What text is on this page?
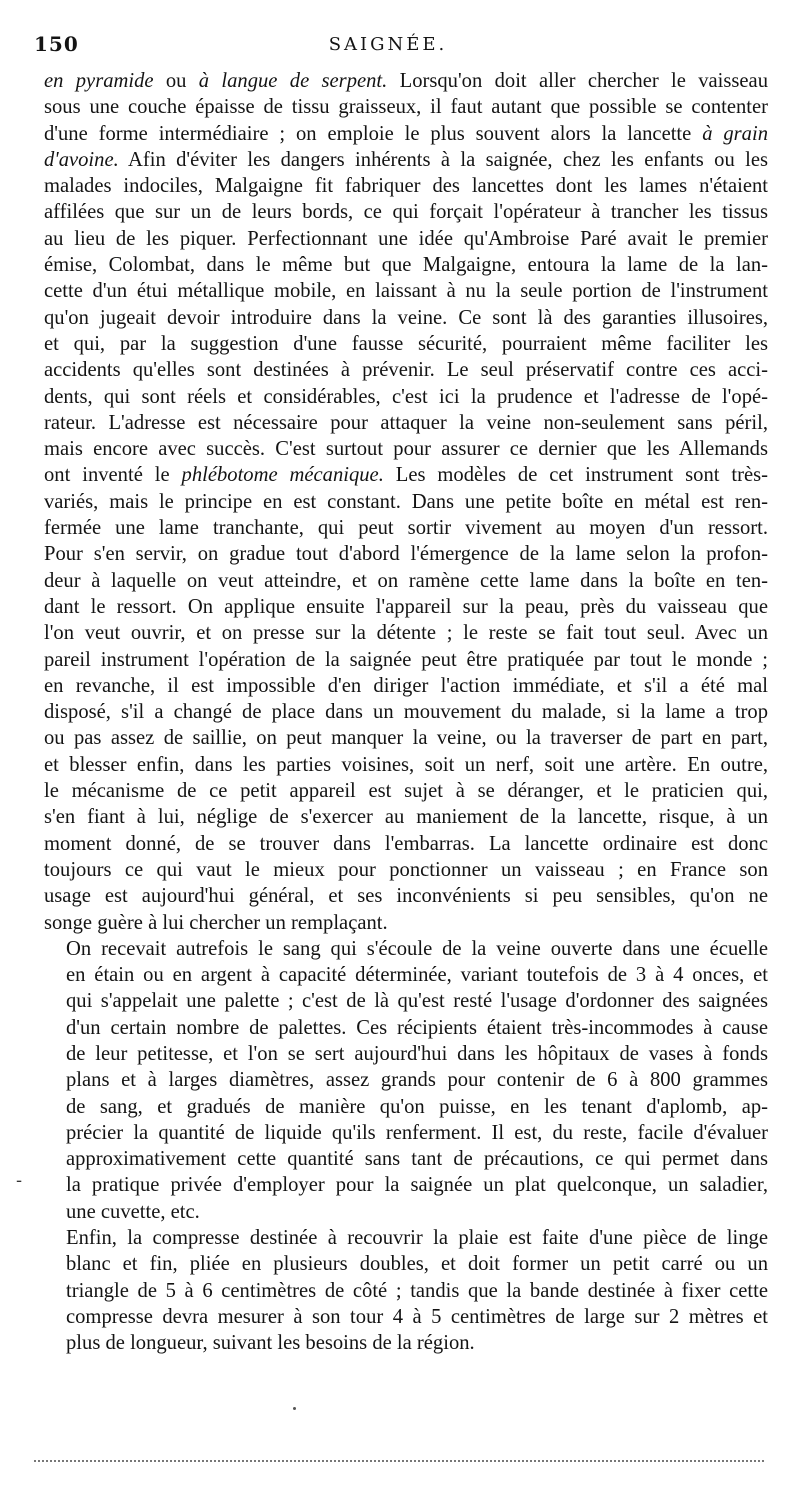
150	SAIGNÉE.

en pyramide ou à langue de serpent. Lorsqu'on doit aller chercher le vaisseau
sous une couche épaisse de tissu graisseux, il faut autant que possible se contenter
d'une forme intermédiaire ; on emploie le plus souvent alors la lancette à grain
d'avoine. Afin d'éviter les dangers inhérents à la saignée, chez les enfants ou les
malades indociles, Malgaigne fit fabriquer des lancettes dont les lames n'étaient
affilées que sur un de leurs bords, ce qui forçait l'opérateur à trancher les tissus
au lieu de les piquer. Perfectionnant une idée qu'Ambroise Paré avait le premier
émise, Colombat, dans le même but que Malgaigne, entoura la lame de la lan-
cette d'un étui métallique mobile, en laissant à nu la seule portion de l'instrument
qu'on jugeait devoir introduire dans la veine. Ce sont là des garanties illusoires,
et qui, par la suggestion d'une fausse sécurité, pourraient même faciliter les
accidents qu'elles sont destinées à prévenir. Le seul préservatif contre ces acci-
dents, qui sont réels et considérables, c'est ici la prudence et l'adresse de l'opé-
rateur. L'adresse est nécessaire pour attaquer la veine non-seulement sans péril,
mais encore avec succès. C'est surtout pour assurer ce dernier que les Allemands
ont inventé le phlébotome mécanique. Les modèles de cet instrument sont très-
variés, mais le principe en est constant. Dans une petite boîte en métal est ren-
fermée une lame tranchante, qui peut sortir vivement au moyen d'un ressort.
Pour s'en servir, on gradue tout d'abord l'émergence de la lame selon la profon-
deur à laquelle on veut atteindre, et on ramène cette lame dans la boîte en ten-
dant le ressort. On applique ensuite l'appareil sur la peau, près du vaisseau que
l'on veut ouvrir, et on presse sur la détente ; le reste se fait tout seul. Avec un
pareil instrument l'opération de la saignée peut être pratiquée par tout le monde ;
en revanche, il est impossible d'en diriger l'action immédiate, et s'il a été mal
disposé, s'il a changé de place dans un mouvement du malade, si la lame a trop
ou pas assez de saillie, on peut manquer la veine, ou la traverser de part en part,
et blesser enfin, dans les parties voisines, soit un nerf, soit une artère. En outre,
le mécanisme de ce petit appareil est sujet à se déranger, et le praticien qui,
s'en fiant à lui, néglige de s'exercer au maniement de la lancette, risque, à un
moment donné, de se trouver dans l'embarras. La lancette ordinaire est donc
toujours ce qui vaut le mieux pour ponctionner un vaisseau ; en France son
usage est aujourd'hui général, et ses inconvénients si peu sensibles, qu'on ne
songe guère à lui chercher un remplaçant.

On recevait autrefois le sang qui s'écoule de la veine ouverte dans une écuelle
en étain ou en argent à capacité déterminée, variant toutefois de 3 à 4 onces, et
qui s'appelait une palette ; c'est de là qu'est resté l'usage d'ordonner des saignées
d'un certain nombre de palettes. Ces récipients étaient très-incommodes à cause
de leur petitesse, et l'on se sert aujourd'hui dans les hôpitaux de vases à fonds
plans et à larges diamètres, assez grands pour contenir de 6 à 800 grammes
de sang, et gradués de manière qu'on puisse, en les tenant d'aplomb, ap-
précier la quantité de liquide qu'ils renferment. Il est, du reste, facile d'évaluer
approximativement cette quantité sans tant de précautions, ce qui permet dans
la pratique privée d'employer pour la saignée un plat quelconque, un saladier,
une cuvette, etc.

Enfin, la compresse destinée à recouvrir la plaie est faite d'une pièce de linge
blanc et fin, pliée en plusieurs doubles, et doit former un petit carré ou un
triangle de 5 à 6 centimètres de côté ; tandis que la bande destinée à fixer cette
compresse devra mesurer à son tour 4 à 5 centimètres de large sur 2 mètres et
plus de longueur, suivant les besoins de la région.

-
